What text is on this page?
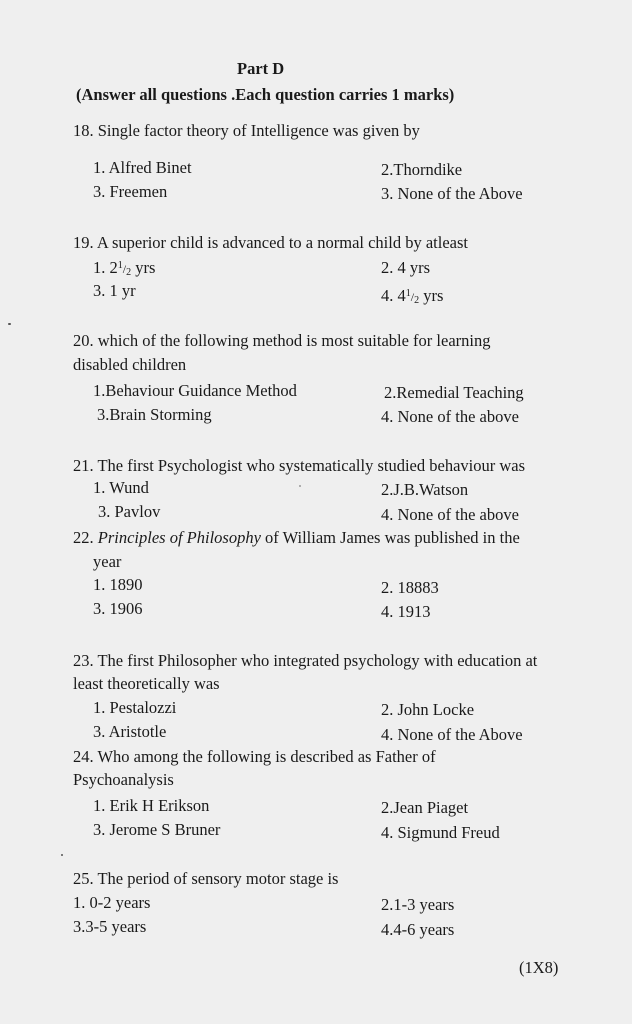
Part D
(Answer all questions .Each question carries 1 marks)
18. Single factor theory of Intelligence was given by
1. Alfred Binet	2.Thorndike
3. Freemen	3. None of the Above
19. A superior child is advanced to a normal child by atleast
1. $2^1/_2$ yrs	2. 4 yrs
3. 1 yr	4. $4^1/_2$ yrs
20. which of the following method is most suitable for learning
disabled children
1.Behaviour Guidance Method	2.Remedial Teaching
3.Brain Storming	4. None of the above
21. The first Psychologist who systematically studied behaviour was
1. Wund	2.J.B.Watson
3. Pavlov	4. None of the above
22. Principles of Philosophy of William James was published in the
year
1. 1890	2. 18883
3. 1906	4. 1913
23. The first Philosopher who integrated psychology with education at
least theoretically was
1. Pestalozzi	2. John Locke
3. Aristotle	4. None of the Above
24. Who among the following is described as Father of
Psychoanalysis
1. Erik H Erikson	2.Jean Piaget
3. Jerome S Bruner	4. Sigmund Freud
25. The period of sensory motor stage is
1. 0-2 years	2.1-3 years
3.3-5 years	4.4-6 years
(1X8)
